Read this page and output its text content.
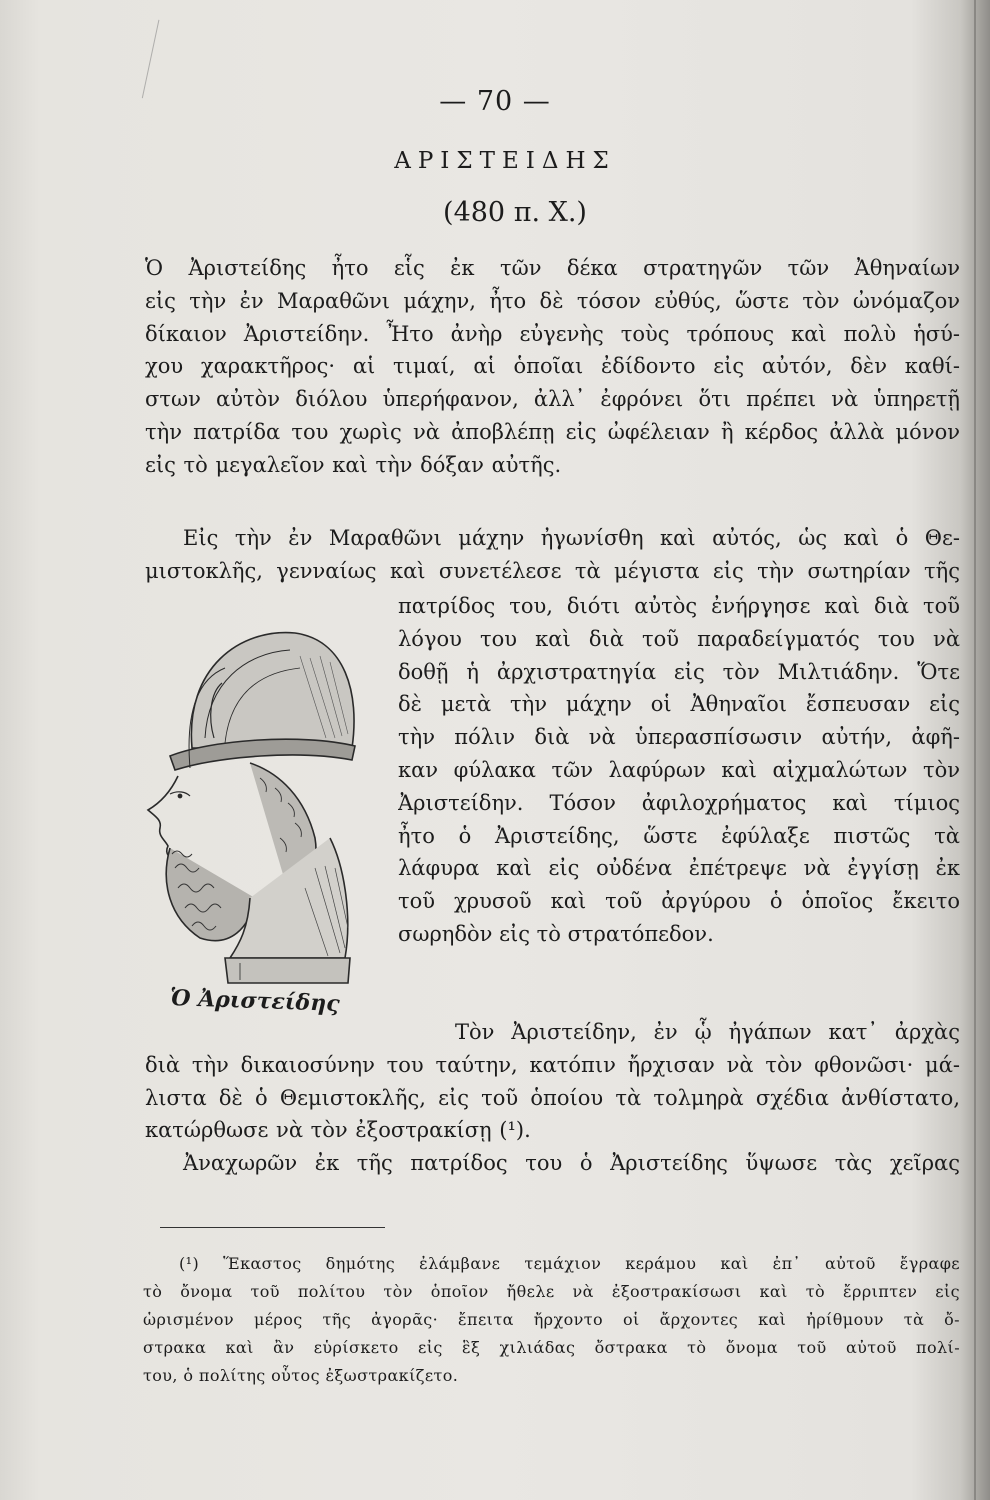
— 70 —
ΑΡΙΣΤΕΙΔΗΣ
(480 π. Χ.)
Ὁ Ἀριστείδης ἦτο εἷς ἐκ τῶν δέκα στρατηγῶν τῶν Ἀθηναίων
εἰς τὴν ἐν Μαραθῶνι μάχην, ἦτο δὲ τόσον εὐθύς, ὥστε τὸν ὠνόμαζον
δίκαιον Ἀριστείδην. Ἦτο ἀνὴρ εὐγενὴς τοὺς τρόπους καὶ πολὺ ἡσύ-
χου χαρακτῆρος· αἱ τιμαί, αἱ ὁποῖαι ἐδίδοντο εἰς αὐτόν, δὲν καθί-
στων αὐτὸν διόλου ὑπερήφανον, ἀλλ᾽ ἐφρόνει ὅτι πρέπει νὰ ὑπηρετῇ
τὴν πατρίδα του χωρὶς νὰ ἀποβλέπῃ εἰς ὠφέλειαν ἢ κέρδος ἀλλὰ μόνον
εἰς τὸ μεγαλεῖον καὶ τὴν δόξαν αὐτῆς.
Εἰς τὴν ἐν Μαραθῶνι μάχην ἠγωνίσθη καὶ αὐτός, ὡς καὶ ὁ Θε-
μιστοκλῆς, γενναίως καὶ συνετέλεσε τὰ μέγιστα εἰς τὴν σωτηρίαν τῆς
πατρίδος του, διότι αὐτὸς ἐνήργησε καὶ διὰ τοῦ
λόγου του καὶ διὰ τοῦ παραδείγματός του νὰ
δοθῇ ἡ ἀρχιστρατηγία εἰς τὸν Μιλτιάδην. Ὅτε
δὲ μετὰ τὴν μάχην οἱ Ἀθηναῖοι ἔσπευσαν εἰς
τὴν πόλιν διὰ νὰ ὑπερασπίσωσιν αὐτήν, ἀφῆ-
καν φύλακα τῶν λαφύρων καὶ αἰχμαλώτων τὸν
Ἀριστείδην. Τόσον ἀφιλοχρήματος καὶ τίμιος
ἦτο ὁ Ἀριστείδης, ὥστε ἐφύλαξε πιστῶς τὰ
λάφυρα καὶ εἰς οὐδένα ἐπέτρεψε νὰ ἐγγίσῃ ἐκ
τοῦ χρυσοῦ καὶ τοῦ ἀργύρου ὁ ὁποῖος ἔκειτο
σωρηδὸν εἰς τὸ στρατόπεδον.
Ὁ Ἀριστείδης
Τὸν Ἀριστείδην, ἐν ᾧ ἠγάπων κατ᾽ ἀρχὰς
διὰ τὴν δικαιοσύνην του ταύτην, κατόπιν ἤρχισαν νὰ τὸν φθονῶσι· μά-
λιστα δὲ ὁ Θεμιστοκλῆς, εἰς τοῦ ὁποίου τὰ τολμηρὰ σχέδια ἀνθίστατο,
κατώρθωσε νὰ τὸν ἐξοστρακίσῃ (¹).
Ἀναχωρῶν ἐκ τῆς πατρίδος του ὁ Ἀριστείδης ὕψωσε τὰς χεῖρας
(¹) Ἕκαστος δημότης ἐλάμβανε τεμάχιον κεράμου καὶ ἐπ᾽ αὐτοῦ ἔγραφε
τὸ ὄνομα τοῦ πολίτου τὸν ὁποῖον ἤθελε νὰ ἐξοστρακίσωσι καὶ τὸ ἔρριπτεν εἰς
ὡρισμένον μέρος τῆς ἀγορᾶς· ἔπειτα ἤρχοντο οἱ ἄρχοντες καὶ ἠρίθμουν τὰ ὄ-
στρακα καὶ ἂν εὑρίσκετο εἰς ἓξ χιλιάδας ὄστρακα τὸ ὄνομα τοῦ αὐτοῦ πολί-
του, ὁ πολίτης οὗτος ἐξωστρακίζετο.
